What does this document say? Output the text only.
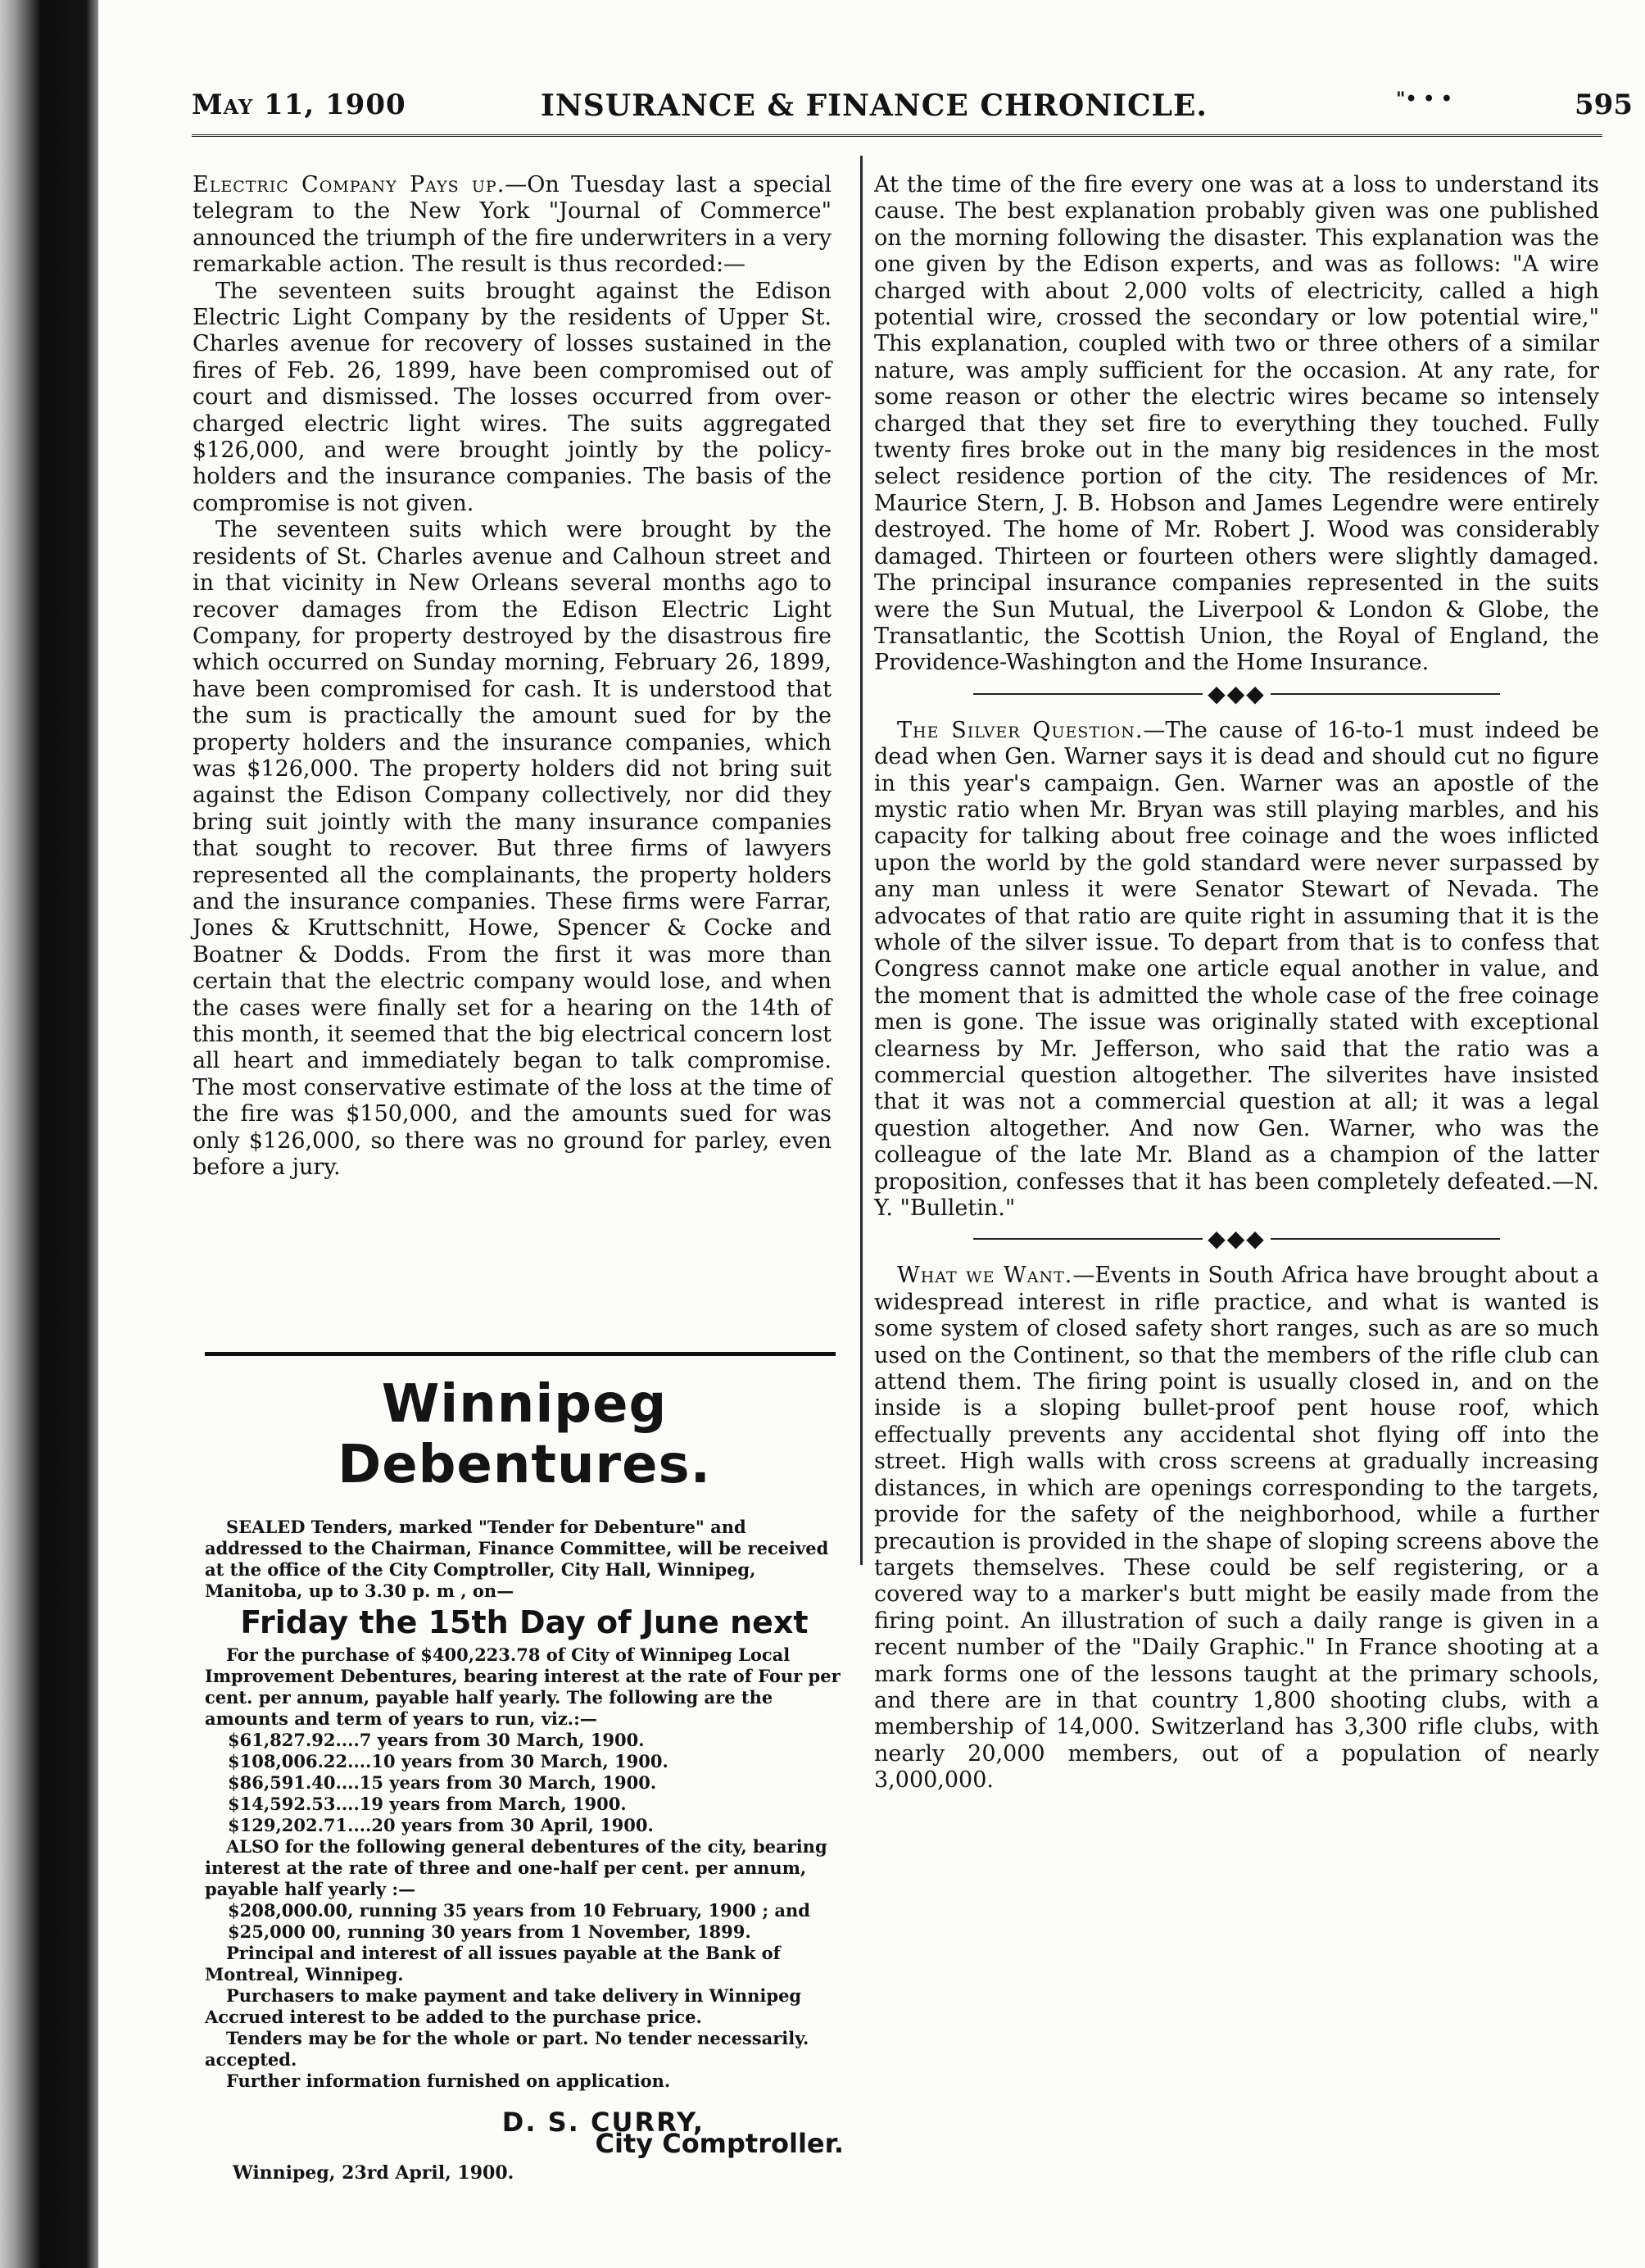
May 11, 1900	INSURANCE & FINANCE CHRONICLE.	"• • •	595

Electric Company Pays up.—On Tuesday last a special telegram to the New York "Journal of Commerce" announced the triumph of the fire underwriters in a very remarkable action. The result is thus recorded:—

The seventeen suits brought against the Edison Electric Light Company by the residents of Upper St. Charles avenue for recovery of losses sustained in the fires of Feb. 26, 1899, have been compromised out of court and dismissed. The losses occurred from over-charged electric light wires. The suits aggregated $126,000, and were brought jointly by the policy-holders and the insurance companies. The basis of the compromise is not given.

The seventeen suits which were brought by the residents of St. Charles avenue and Calhoun street and in that vicinity in New Orleans several months ago to recover damages from the Edison Electric Light Company, for property destroyed by the disastrous fire which occurred on Sunday morning, February 26, 1899, have been compromised for cash. It is understood that the sum is practically the amount sued for by the property holders and the insurance companies, which was $126,000. The property holders did not bring suit against the Edison Company collectively, nor did they bring suit jointly with the many insurance companies that sought to recover. But three firms of lawyers represented all the complainants, the property holders and the insurance companies. These firms were Farrar, Jones & Kruttschnitt, Howe, Spencer & Cocke and Boatner & Dodds. From the first it was more than certain that the electric company would lose, and when the cases were finally set for a hearing on the 14th of this month, it seemed that the big electrical concern lost all heart and immediately began to talk compromise. The most conservative estimate of the loss at the time of the fire was $150,000, and the amounts sued for was only $126,000, so there was no ground for parley, even before a jury.

Winnipeg Debentures.

SEALED Tenders, marked "Tender for Debenture" and addressed to the Chairman, Finance Committee, will be received at the office of the City Comptroller, City Hall, Winnipeg, Manitoba, up to 3.30 p. m , on—

Friday the 15th Day of June next

For the purchase of $400,223.78 of City of Winnipeg Local Improvement Debentures, bearing interest at the rate of Four per cent. per annum, payable half yearly. The following are the amounts and term of years to run, viz.:—

$61,827.92....7 years from 30 March, 1900.
$108,006.22....10 years from 30 March, 1900.
$86,591.40....15 years from 30 March, 1900.
$14,592.53....19 years from March, 1900.
$129,202.71....20 years from 30 April, 1900.

ALSO for the following general debentures of the city, bearing interest at the rate of three and one-half per cent. per annum, payable half yearly :—

$208,000.00, running 35 years from 10 February, 1900 ; and
$25,000 00, running 30 years from 1 November, 1899.

Principal and interest of all issues payable at the Bank of Montreal, Winnipeg.

Purchasers to make payment and take delivery in Winnipeg Accrued interest to be added to the purchase price.

Tenders may be for the whole or part. No tender necessarily. accepted.

Further information furnished on application.

D. S. CURRY,
City Comptroller.
Winnipeg, 23rd April, 1900.

At the time of the fire every one was at a loss to understand its cause. The best explanation probably given was one published on the morning following the disaster. This explanation was the one given by the Edison experts, and was as follows: "A wire charged with about 2,000 volts of electricity, called a high potential wire, crossed the secondary or low potential wire," This explanation, coupled with two or three others of a similar nature, was amply sufficient for the occasion. At any rate, for some reason or other the electric wires became so intensely charged that they set fire to everything they touched. Fully twenty fires broke out in the many big residences in the most select residence portion of the city. The residences of Mr. Maurice Stern, J. B. Hobson and James Legendre were entirely destroyed. The home of Mr. Robert J. Wood was considerably damaged. Thirteen or fourteen others were slightly damaged. The principal insurance companies represented in the suits were the Sun Mutual, the Liverpool & London & Globe, the Transatlantic, the Scottish Union, the Royal of England, the Providence-Washington and the Home Insurance.

◆◆◆

The Silver Question.—The cause of 16-to-1 must indeed be dead when Gen. Warner says it is dead and should cut no figure in this year's campaign. Gen. Warner was an apostle of the mystic ratio when Mr. Bryan was still playing marbles, and his capacity for talking about free coinage and the woes inflicted upon the world by the gold standard were never surpassed by any man unless it were Senator Stewart of Nevada. The advocates of that ratio are quite right in assuming that it is the whole of the silver issue. To depart from that is to confess that Congress cannot make one article equal another in value, and the moment that is admitted the whole case of the free coinage men is gone. The issue was originally stated with exceptional clearness by Mr. Jefferson, who said that the ratio was a commercial question altogether. The silverites have insisted that it was not a commercial question at all; it was a legal question altogether. And now Gen. Warner, who was the colleague of the late Mr. Bland as a champion of the latter proposition, confesses that it has been completely defeated.—N. Y. "Bulletin."

◆◆◆

What we Want.—Events in South Africa have brought about a widespread interest in rifle practice, and what is wanted is some system of closed safety short ranges, such as are so much used on the Continent, so that the members of the rifle club can attend them. The firing point is usually closed in, and on the inside is a sloping bullet-proof pent house roof, which effectually prevents any accidental shot flying off into the street. High walls with cross screens at gradually increasing distances, in which are openings corresponding to the targets, provide for the safety of the neighborhood, while a further precaution is provided in the shape of sloping screens above the targets themselves. These could be self registering, or a covered way to a marker's butt might be easily made from the firing point. An illustration of such a daily range is given in a recent number of the "Daily Graphic." In France shooting at a mark forms one of the lessons taught at the primary schools, and there are in that country 1,800 shooting clubs, with a membership of 14,000. Switzerland has 3,300 rifle clubs, with nearly 20,000 members, out of a population of nearly 3,000,000.
